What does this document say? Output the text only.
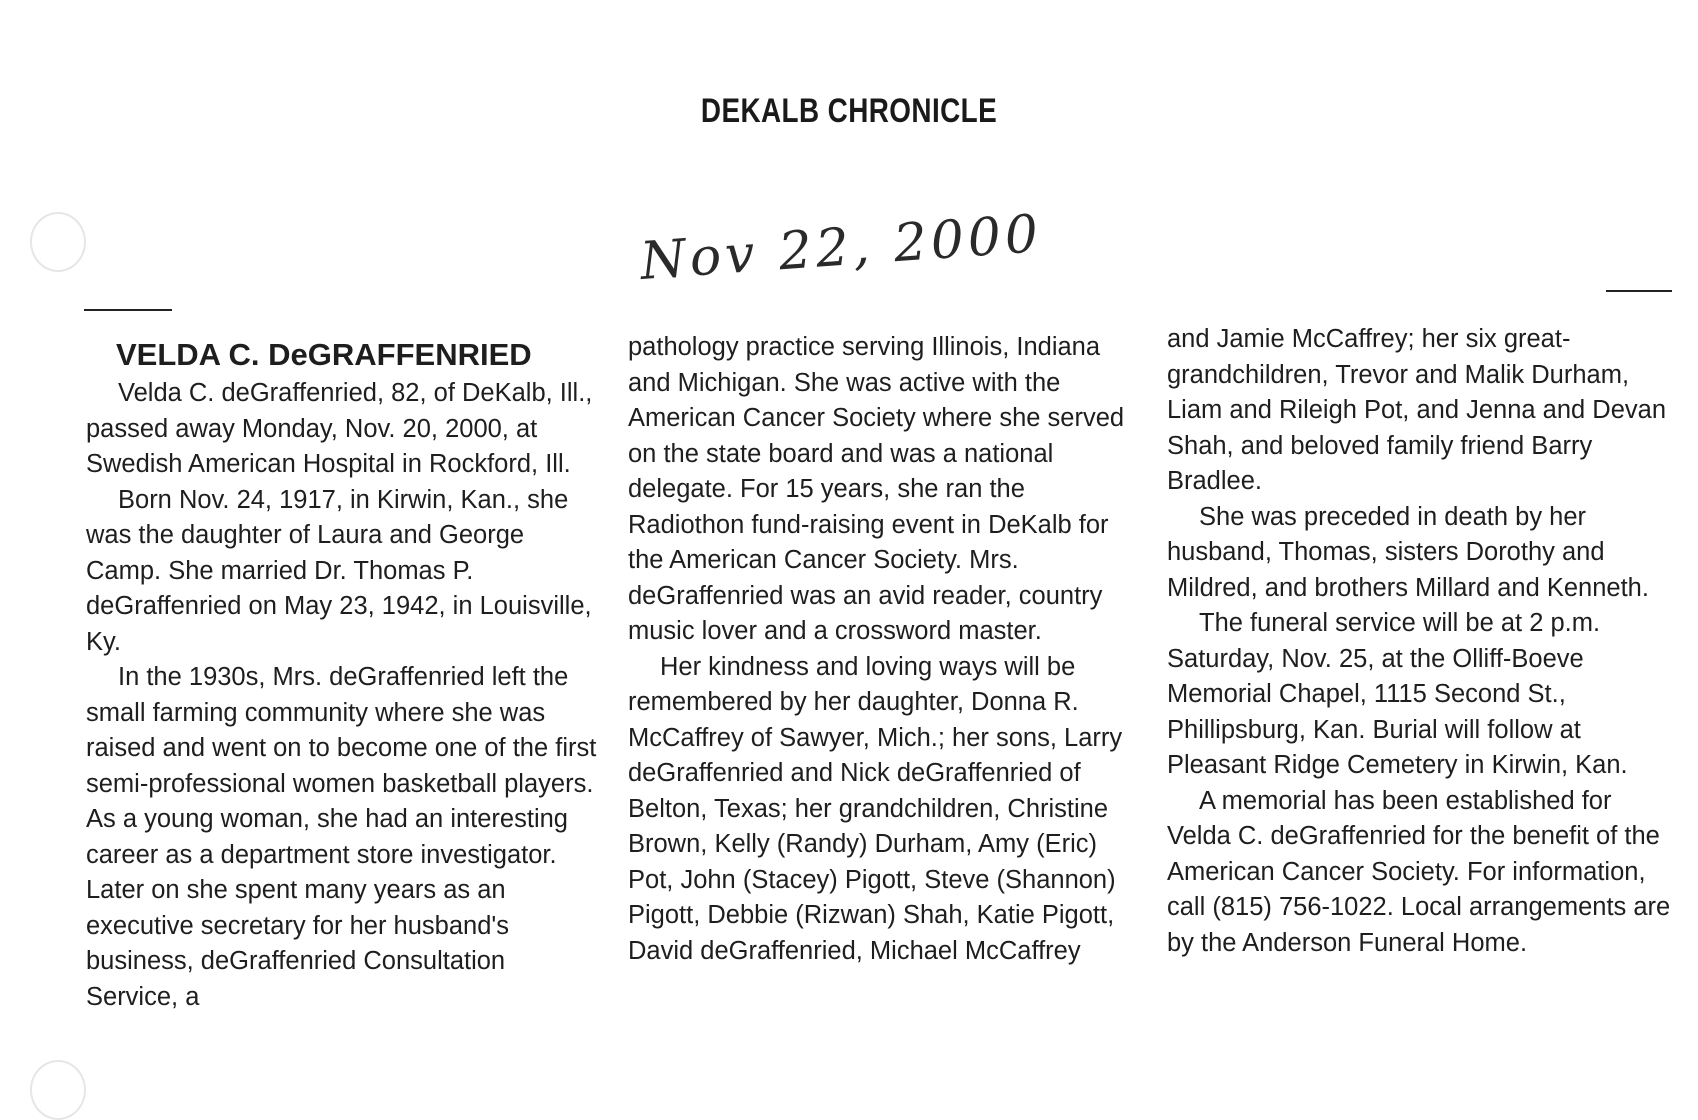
DEKALB CHRONICLE
Nov 22, 2000
VELDA C. DeGRAFFENRIED

Velda C. deGraffenried, 82, of DeKalb, Ill., passed away Monday, Nov. 20, 2000, at Swedish American Hospital in Rockford, Ill.

Born Nov. 24, 1917, in Kirwin, Kan., she was the daughter of Laura and George Camp. She married Dr. Thomas P. deGraffenried on May 23, 1942, in Louisville, Ky.

In the 1930s, Mrs. deGraffenried left the small farming community where she was raised and went on to become one of the first semi-professional women basketball players. As a young woman, she had an interesting career as a department store investigator. Later on she spent many years as an executive secretary for her husband's business, deGraffenried Consultation Service, a

pathology practice serving Illinois, Indiana and Michigan. She was active with the American Cancer Society where she served on the state board and was a national delegate. For 15 years, she ran the Radiothon fund-raising event in DeKalb for the American Cancer Society. Mrs. deGraffenried was an avid reader, country music lover and a crossword master.

Her kindness and loving ways will be remembered by her daughter, Donna R. McCaffrey of Sawyer, Mich.; her sons, Larry deGraffenried and Nick deGraffenried of Belton, Texas; her grandchildren, Christine Brown, Kelly (Randy) Durham, Amy (Eric) Pot, John (Stacey) Pigott, Steve (Shannon) Pigott, Debbie (Rizwan) Shah, Katie Pigott, David deGraffenried, Michael McCaffrey

and Jamie McCaffrey; her six great-grandchildren, Trevor and Malik Durham, Liam and Rileigh Pot, and Jenna and Devan Shah, and beloved family friend Barry Bradlee.

She was preceded in death by her husband, Thomas, sisters Dorothy and Mildred, and brothers Millard and Kenneth.

The funeral service will be at 2 p.m. Saturday, Nov. 25, at the Olliff-Boeve Memorial Chapel, 1115 Second St., Phillipsburg, Kan. Burial will follow at Pleasant Ridge Cemetery in Kirwin, Kan.

A memorial has been established for Velda C. deGraffenried for the benefit of the American Cancer Society. For information, call (815) 756-1022. Local arrangements are by the Anderson Funeral Home.
